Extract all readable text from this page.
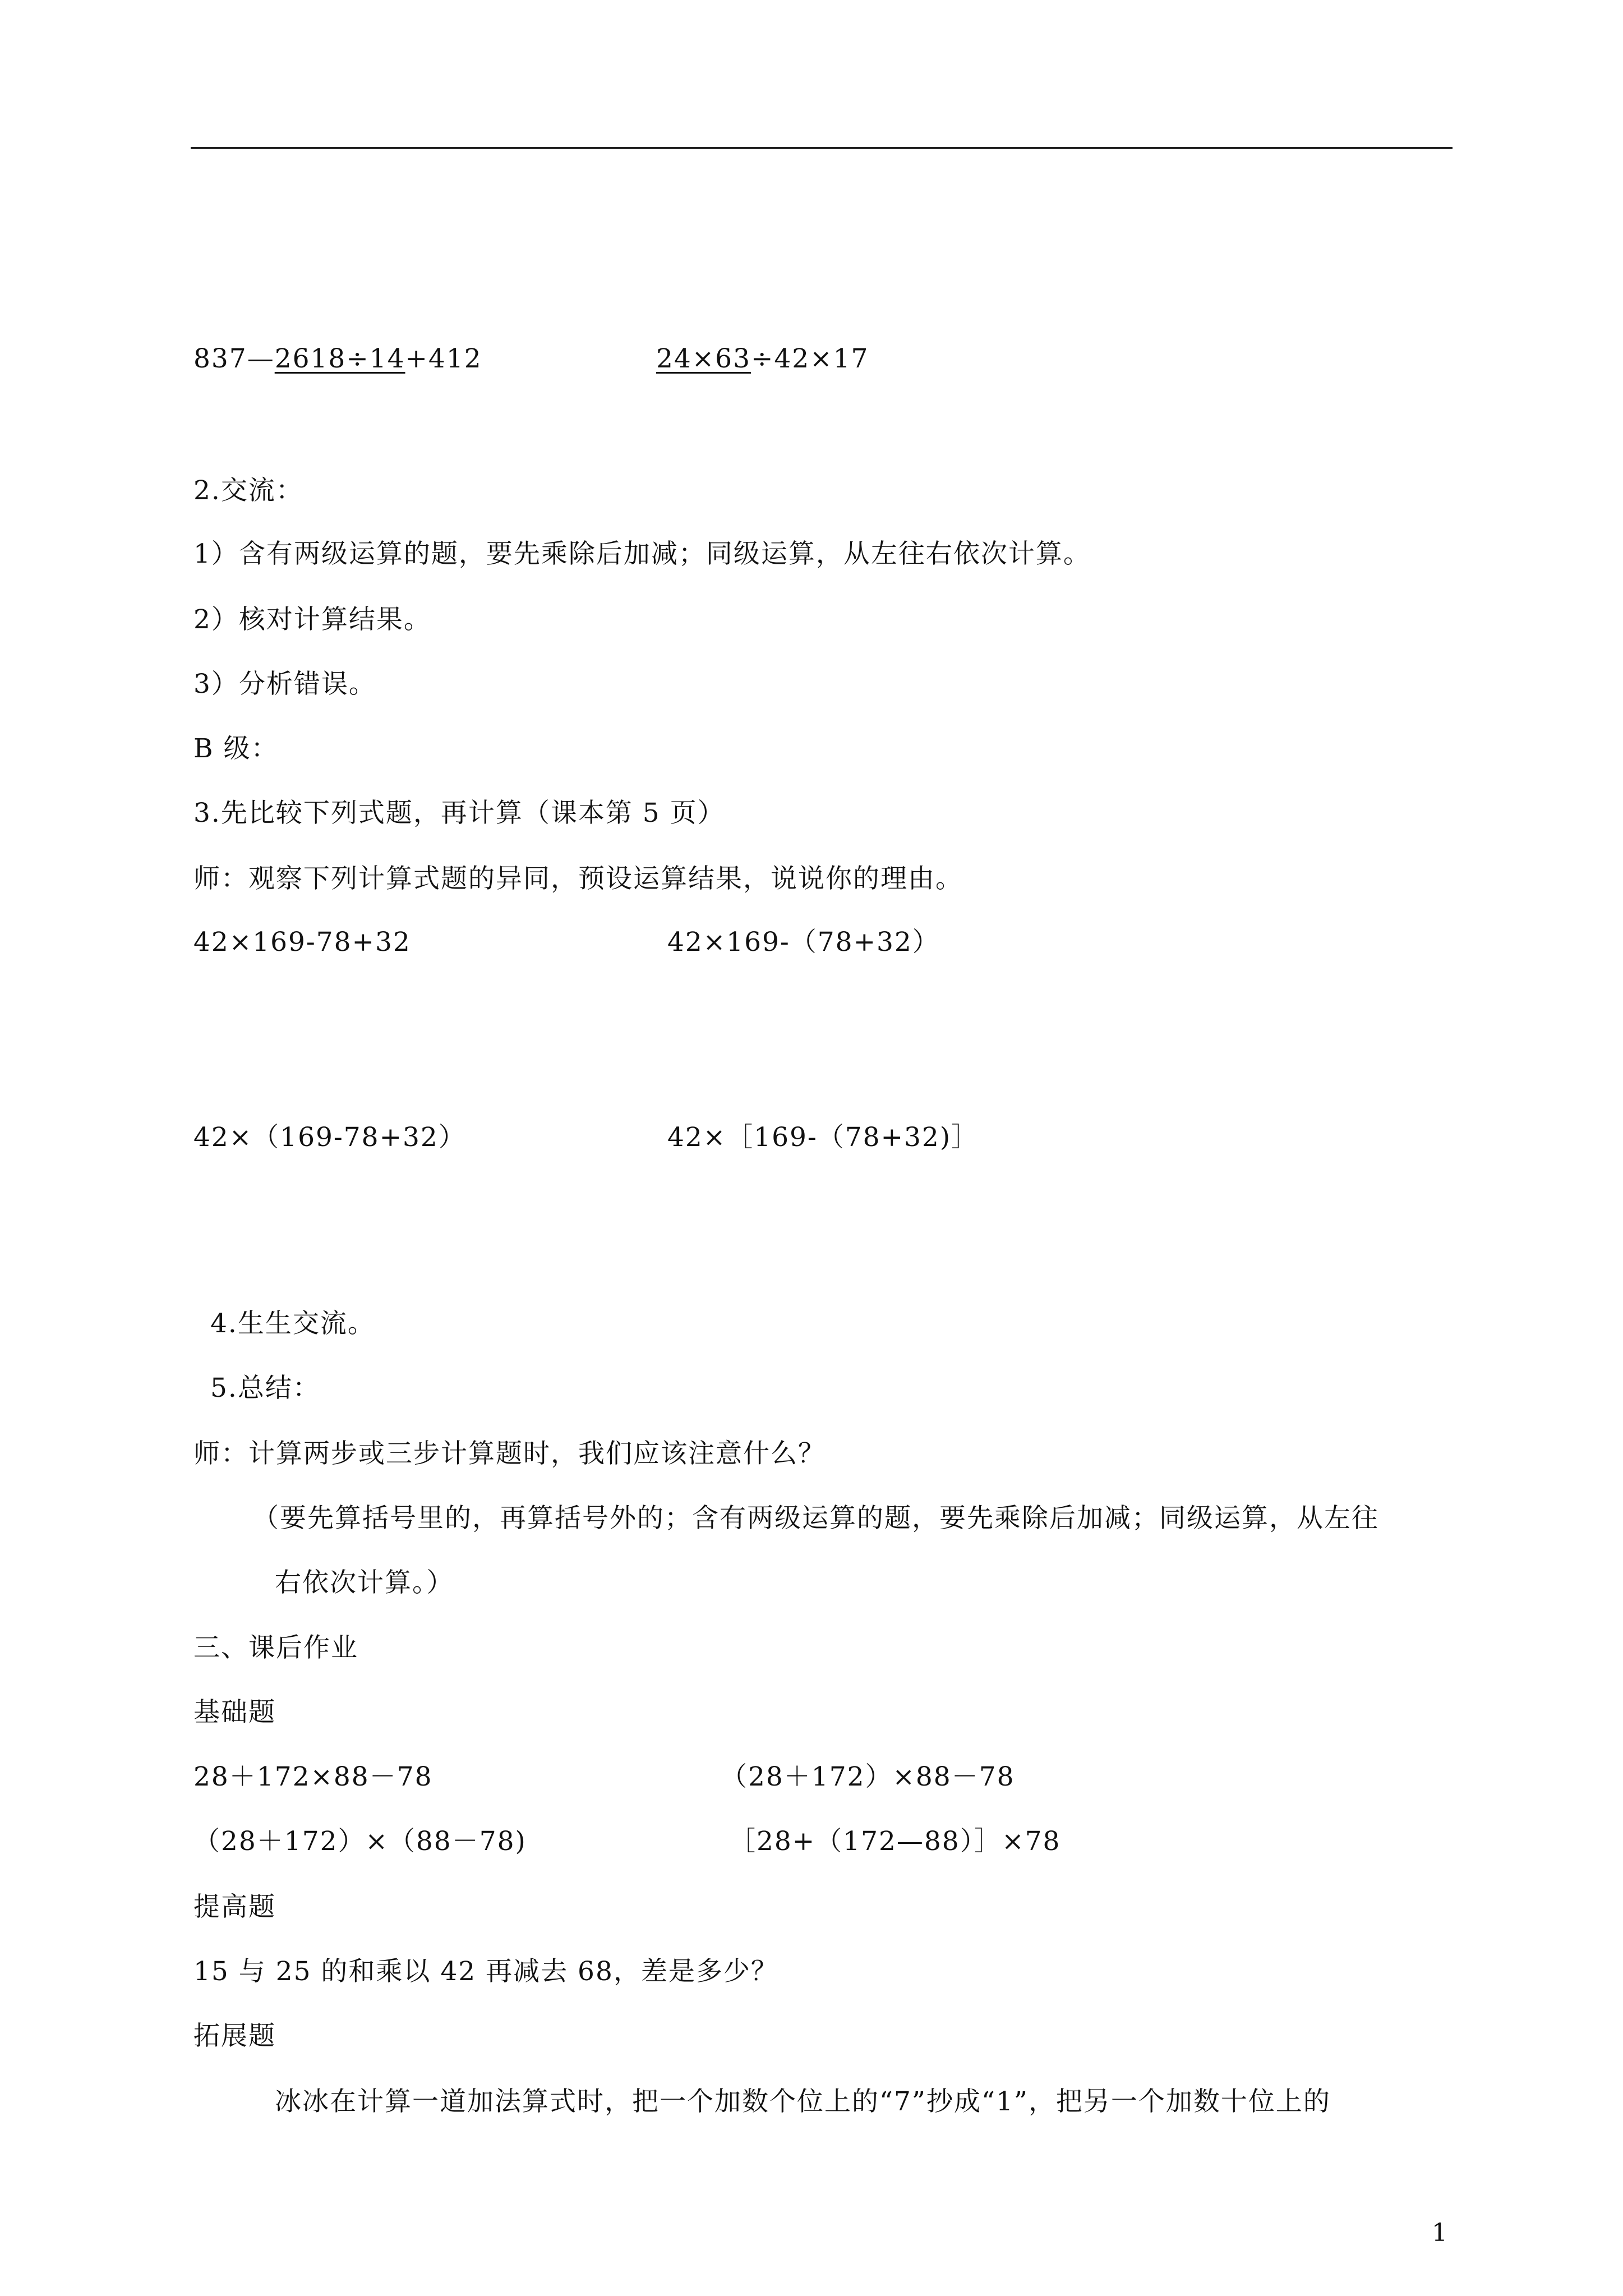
837—2618÷14+412	24×63÷42×17
2.交流：
1）含有两级运算的题，要先乘除后加减；同级运算，从左往右依次计算。
2）核对计算结果。
3）分析错误。
B 级：
3.先比较下列式题，再计算（课本第 5 页）
师：观察下列计算式题的异同，预设运算结果，说说你的理由。
42×169-78+32	42×169-（78+32）
42×（169-78+32）	42×［169-（78+32)］
4.生生交流。
5.总结：
师：计算两步或三步计算题时，我们应该注意什么？
（要先算括号里的，再算括号外的；含有两级运算的题，要先乘除后加减；同级运算，从左往
右依次计算。）
三、课后作业
基础题
28＋172×88－78	（28＋172）×88－78
（28＋172）×（88－78)	［28+（172—88）］×78
提高题
15 与 25 的和乘以 42 再减去 68，差是多少？
拓展题
冰冰在计算一道加法算式时，把一个加数个位上的“7”抄成“1”，把另一个加数十位上的
1
